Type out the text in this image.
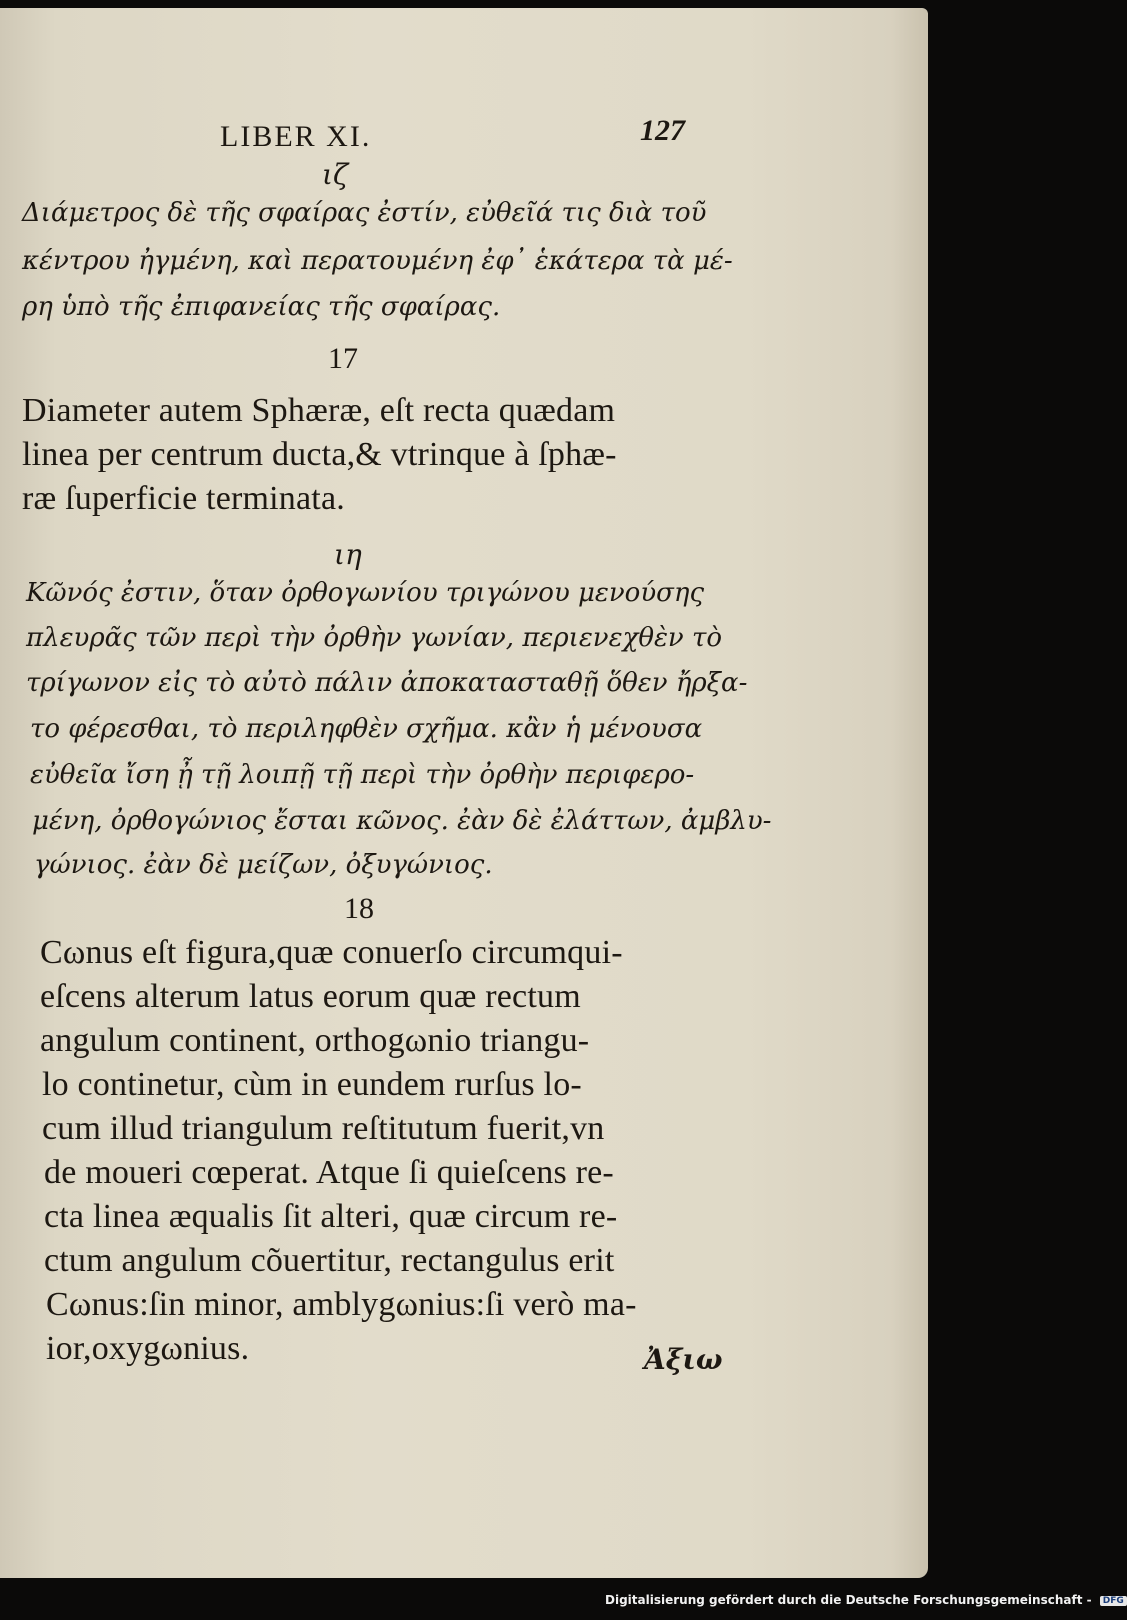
LIBER XI.	127
ιζ
Διάμετρος δὲ τῆς σφαίρας ἐστίν, εὐθεῖά τις διὰ τοῦ
κέντρου ἠγμένη, καὶ περατουμένη ἐφ᾽ ἑκάτερα τὰ μέ-
ρη ὑπὸ τῆς ἐπιφανείας τῆς σφαίρας.
17
Diameter autem Sphæræ, eſt recta quædam
linea per centrum ducta,& vtrinque à ſphæ-
ræ ſuperficie terminata.
ιη
Κῶνός ἐστιν, ὅταν ὀρθογωνίου τριγώνου μενούσης
πλευρᾶς τῶν περὶ τὴν ὀρθὴν γωνίαν, περιενεχθὲν τὸ
τρίγωνον εἰς τὸ αὐτὸ πάλιν ἀποκατασταθῇ ὅθεν ἤρξα-
το φέρεσθαι, τὸ περιληφθὲν σχῆμα. κἂν ἡ μένουσα
εὐθεῖα ἴση ᾖ τῇ λοιπῇ τῇ περὶ τὴν ὀρθὴν περιφερο-
μένη, ὀρθογώνιος ἔσται κῶνος. ἐὰν δὲ ἐλάττων, ἀμβλυ-
γώνιος. ἐὰν δὲ μείζων, ὀξυγώνιος.
18
Cωnus eſt figura,quæ conuerſo circumqui-
eſcens alterum latus eorum quæ rectum
angulum continent, orthogωnio triangu-
lo continetur, cùm in eundem rurſus lo-
cum illud triangulum reſtitutum fuerit,vn
de moueri cœperat. Atque ſi quieſcens re-
cta linea æqualis ſit alteri, quæ circum re-
ctum angulum cõuertitur, rectangulus erit
Cωnus:ſin minor, amblygωnius:ſi verò ma-
ior,oxygωnius.	Ἀξιω
Digitalisierung gefördert durch die Deutsche Forschungsgemeinschaft - DFG
